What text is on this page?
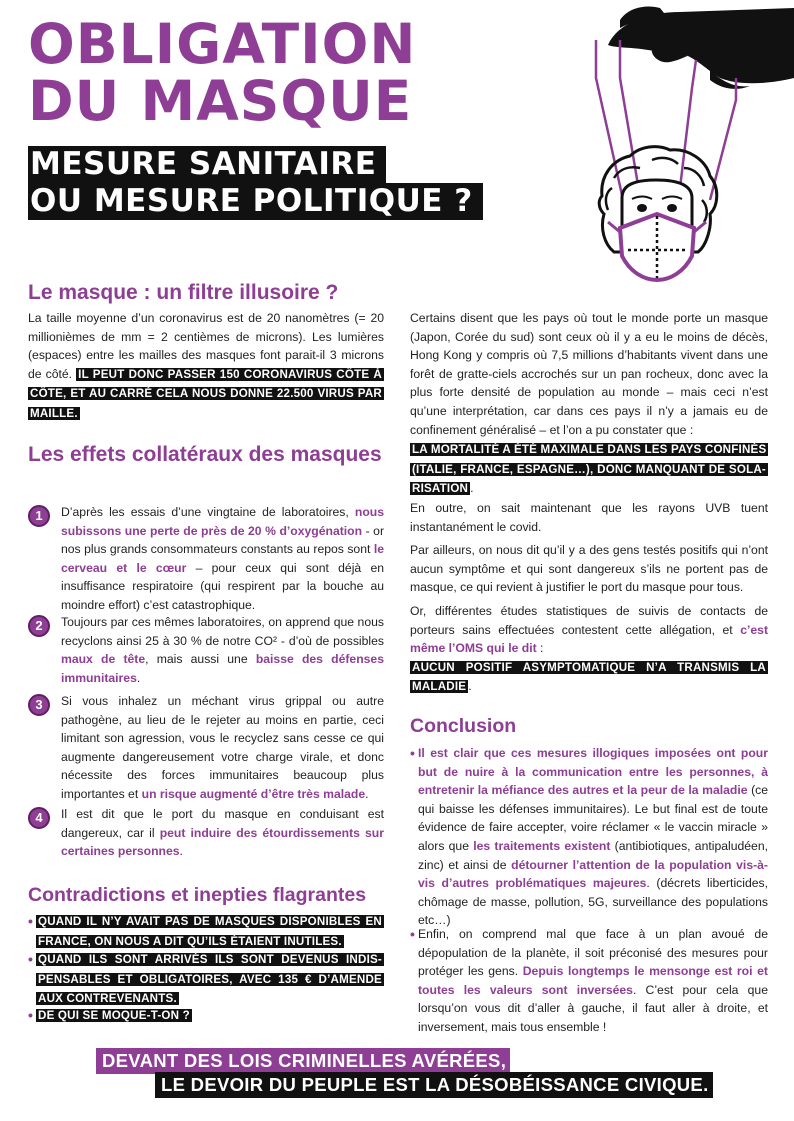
OBLIGATION
DU MASQUE
MESURE SANITAIRE
OU MESURE POLITIQUE ?
Le masque : un filtre illusoire ?

La taille moyenne d’un coronavirus est de 20 nanomètres (= 20 millionièmes de mm = 2 centièmes de microns). Les lumières (espaces) entre les mailles des masques font parait-il 3 microns de côté. IL PEUT DONC PASSER 150 CORONAVIRUS CÔTE À CÔTE, ET AU CARRÉ CELA NOUS DONNE 22.500 VIRUS PAR MAILLE.

Les effets collatéraux des masques
1	D’après les essais d’une vingtaine de laboratoires, nous subissons une perte de près de 20 % d’oxygénation - or nos plus grands consommateurs constants au repos sont le cerveau et le cœur – pour ceux qui sont déjà en insuffisance respiratoire (qui respirent par la bouche au moindre effort) c’est catastrophique.

2	Toujours par ces mêmes laboratoires, on apprend que nous recyclons ainsi 25 à 30 % de notre CO² - d’où de possibles maux de tête, mais aussi une baisse des défenses immunitaires.

3	Si vous inhalez un méchant virus grippal ou autre pathogène, au lieu de le rejeter au moins en partie, ceci limitant son agression, vous le recyclez sans cesse ce qui augmente dangereusement votre charge virale, et donc nécessite des forces immunitaires beaucoup plus importantes et un risque augmenté d’être très malade.

4	Il est dit que le port du masque en conduisant est dangereux, car il peut induire des étourdissements sur certaines personnes.

Contradictions et inepties flagrantes
• QUAND IL N’Y AVAIT PAS DE MASQUES DISPONIBLES EN FRANCE, ON NOUS A DIT QU’ILS ÉTAIENT INUTILES.

• QUAND ILS SONT ARRIVÉS ILS SONT DEVENUS INDIS-PENSABLES ET OBLIGATOIRES, AVEC 135 € D’AMENDE AUX CONTREVENANTS.

• DE QUI SE MOQUE-T-ON ?

Certains disent que les pays où tout le monde porte un masque (Japon, Corée du sud) sont ceux où il y a eu le moins de décès, Hong Kong y compris où 7,5 millions d’habitants vivent dans une forêt de gratte-ciels accrochés sur un pan rocheux, donc avec la plus forte densité de population au monde – mais ceci n’est qu’une interprétation, car dans ces pays il n’y a jamais eu de confinement généralisé – et l’on a pu constater que :

LA MORTALITÉ A ÉTÉ MAXIMALE DANS LES PAYS CONFINÉS (ITALIE, FRANCE, ESPAGNE…), DONC MANQUANT DE SOLA-RISATION .

En outre, on sait maintenant que les rayons UVB tuent instantanément le covid.

Par ailleurs, on nous dit qu’il y a des gens testés positifs qui n’ont aucun symptôme et qui sont dangereux s’ils ne portent pas de masque, ce qui revient à justifier le port du masque pour tous.

Or, différentes études statistiques de suivis de contacts de porteurs sains effectuées contestent cette allégation, et c’est même l’OMS qui le dit :
AUCUN POSITIF ASYMPTOMATIQUE N’A TRANSMIS LA MALADIE .

Conclusion
• Il est clair que ces mesures illogiques imposées ont pour but de nuire à la communication entre les personnes, à entretenir la méfiance des autres et la peur de la maladie (ce qui baisse les défenses immunitaires). Le but final est de toute évidence de faire accepter, voire réclamer « le vaccin miracle » alors que les traitements existent (antibiotiques, antipaludéen, zinc) et ainsi de détourner l’attention de la population vis-à-vis d’autres problématiques majeures. (décrets liberticides, chômage de masse, pollution, 5G, surveillance des populations etc…)

• Enfin, on comprend mal que face à un plan avoué de dépopulation de la planète, il soit préconisé des mesures pour protéger les gens. Depuis longtemps le mensonge est roi et toutes les valeurs sont inversées. C’est pour cela que lorsqu’on vous dit d’aller à gauche, il faut aller à droite, et inversement, mais tous ensemble !

DEVANT DES LOIS CRIMINELLES AVÉRÉES,
LE DEVOIR DU PEUPLE EST LA DÉSOBÉISSANCE CIVIQUE.
